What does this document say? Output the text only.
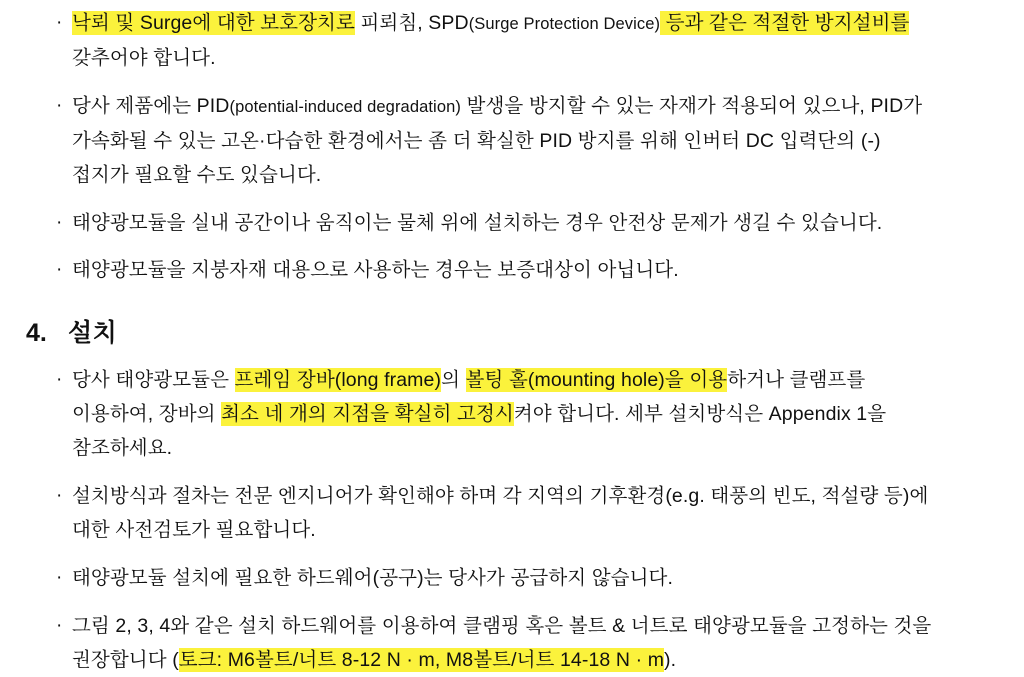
· 낙뢰 및 Surge에 대한 보호장치로 피뢰침, SPD(Surge Protection Device) 등과 같은 적절한 방지설비를
갖추어야 합니다.
· 당사 제품에는 PID(potential-induced degradation) 발생을 방지할 수 있는 자재가 적용되어 있으나, PID가
가속화될 수 있는 고온·다습한 환경에서는 좀 더 확실한 PID 방지를 위해 인버터 DC 입력단의 (-)
접지가 필요할 수도 있습니다.
· 태양광모듈을 실내 공간이나 움직이는 물체 위에 설치하는 경우 안전상 문제가 생길 수 있습니다.
· 태양광모듈을 지붕자재 대용으로 사용하는 경우는 보증대상이 아닙니다.
4. 설치
· 당사 태양광모듈은 프레임 장바(long frame)의 볼팅 홀(mounting hole)을 이용하거나 클램프를
이용하여, 장바의 최소 네 개의 지점을 확실히 고정시켜야 합니다. 세부 설치방식은 Appendix 1을
참조하세요.
· 설치방식과 절차는 전문 엔지니어가 확인해야 하며 각 지역의 기후환경(e.g. 태풍의 빈도, 적설량 등)에
대한 사전검토가 필요합니다.
· 태양광모듈 설치에 필요한 하드웨어(공구)는 당사가 공급하지 않습니다.
· 그림 2, 3, 4와 같은 설치 하드웨어를 이용하여 클램핑 혹은 볼트 & 너트로 태양광모듈을 고정하는 것을
권장합니다 (토크: M6볼트/너트 8-12 N · m, M8볼트/너트 14-18 N · m).
